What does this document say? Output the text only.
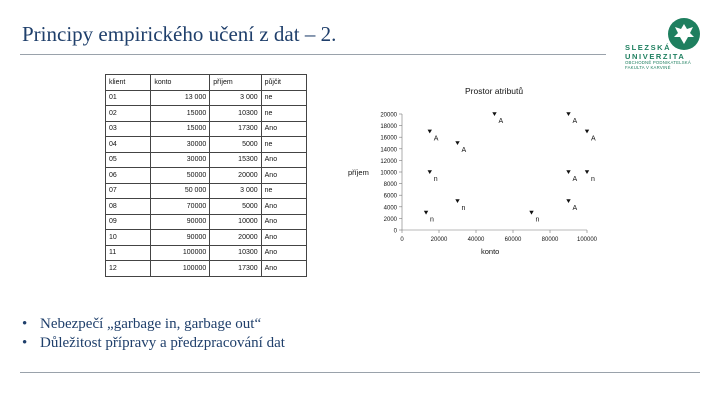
Principy empirického učení z dat – 2.
SLEZSKÁ
UNIVERZITA
OBCHODNĚ PODNIKATELSKÁ
FAKULTA V KARVINÉ
klient	konto	příjem	půjčit
01	13 000	3 000	ne
02	15000	10300	ne
03	15000	17300	Ano
04	30000	5000	ne
05	30000	15300	Ano
06	50000	20000	Ano
07	50 000	3 000	ne
08	70000	5000	Ano
09	90000	10000	Ano
10	90000	20000	Ano
11	100000	10300	Ano
12	100000	17300	Ano
Prostor atributů
0
2000
4000
6000
8000
10000
12000
14000
16000
18000
20000
0	20000	40000	60000	80000	100000
n
n
A
n
A
A
n
A
A
A
n
A
příjem
konto
• Nebezpečí „garbage in, garbage out“
• Důležitost přípravy a předzpracování dat
